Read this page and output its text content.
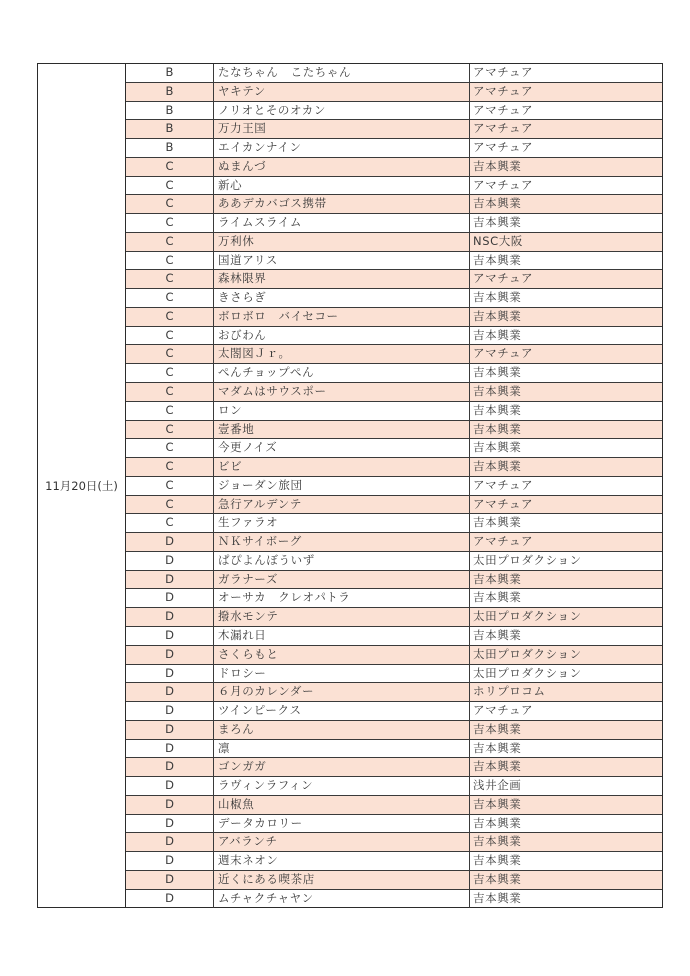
11月20日(土)
B	たなちゃん　こたちゃん	アマチュア
B	ヤキテン	アマチュア
B	ノリオとそのオカン	アマチュア
B	万力王国	アマチュア
B	エイカンナイン	アマチュア
C	ぬまんづ	吉本興業
C	新心	アマチュア
C	ああデカバゴス携帯	吉本興業
C	ライムスライム	吉本興業
C	万利休	NSC大阪
C	国道アリス	吉本興業
C	森林限界	アマチュア
C	きさらぎ	吉本興業
C	ボロボロ　バイセコー	吉本興業
C	おびわん	吉本興業
C	太閤図Ｊｒ。	アマチュア
C	ぺんチョップぺん	吉本興業
C	マダムはサウスポー	吉本興業
C	ロン	吉本興業
C	壹番地	吉本興業
C	今更ノイズ	吉本興業
C	ビビ	吉本興業
C	ジョーダン旅団	アマチュア
C	急行アルデンテ	アマチュア
C	生ファラオ	吉本興業
D	ＮＫサイボーグ	アマチュア
D	ぱぴよんぼういず	太田プロダクション
D	ガラナーズ	吉本興業
D	オーサカ　クレオパトラ	吉本興業
D	撥水モンテ	太田プロダクション
D	木漏れ日	吉本興業
D	さくらもと	太田プロダクション
D	ドロシー	太田プロダクション
D	６月のカレンダー	ホリプロコム
D	ツインピークス	アマチュア
D	まろん	吉本興業
D	凛	吉本興業
D	ゴンガガ	吉本興業
D	ラヴィンラフィン	浅井企画
D	山椒魚	吉本興業
D	データカロリー	吉本興業
D	アバランチ	吉本興業
D	週末ネオン	吉本興業
D	近くにある喫茶店	吉本興業
D	ムチャクチャヤン	吉本興業
